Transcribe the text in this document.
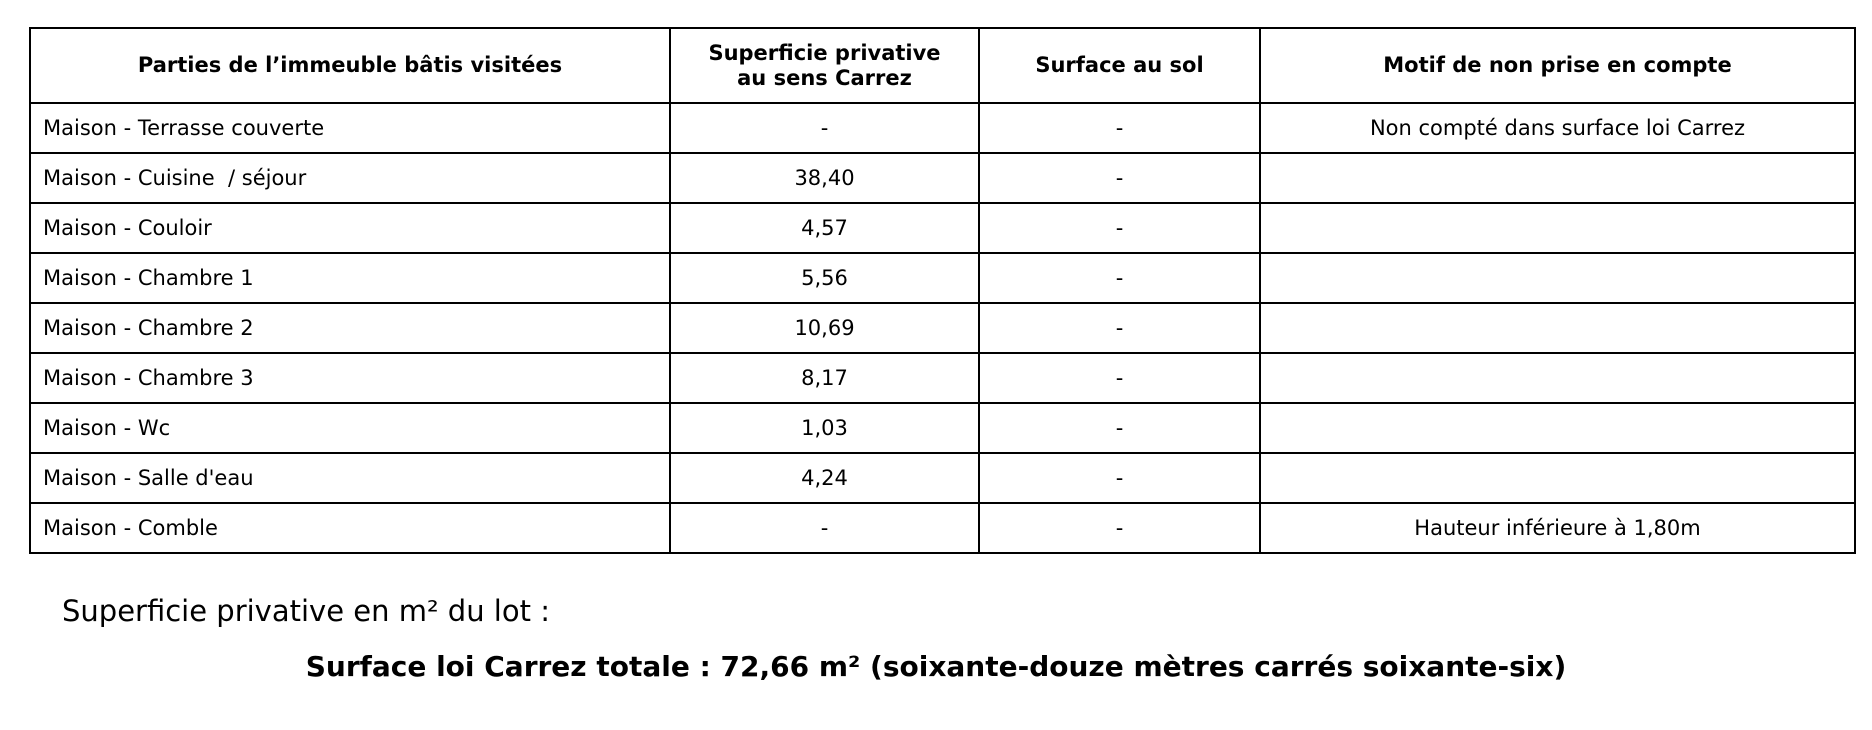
Parties de l’immeuble bâtis visitées	Superficie privative au sens Carrez	Surface au sol	Motif de non prise en compte
Maison - Terrasse couverte	-	-	Non compté dans surface loi Carrez
Maison - Cuisine  / séjour	38,40	-	
Maison - Couloir	4,57	-	
Maison - Chambre 1	5,56	-	
Maison - Chambre 2	10,69	-	
Maison - Chambre 3	8,17	-	
Maison - Wc	1,03	-	
Maison - Salle d'eau	4,24	-	
Maison - Comble	-	-	Hauteur inférieure à 1,80m
Superficie privative en m² du lot :
Surface loi Carrez totale : 72,66 m² (soixante-douze mètres carrés soixante-six)
